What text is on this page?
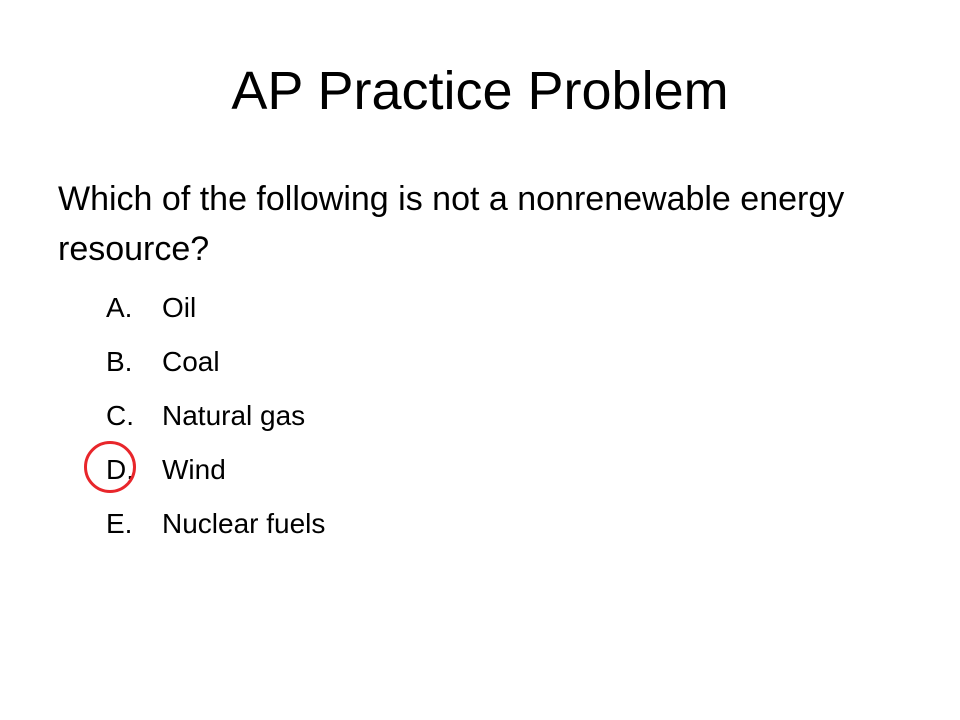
AP Practice Problem

Which of the following is not a nonrenewable energy resource?

A. Oil
B. Coal
C. Natural gas
D. Wind
E. Nuclear fuels
